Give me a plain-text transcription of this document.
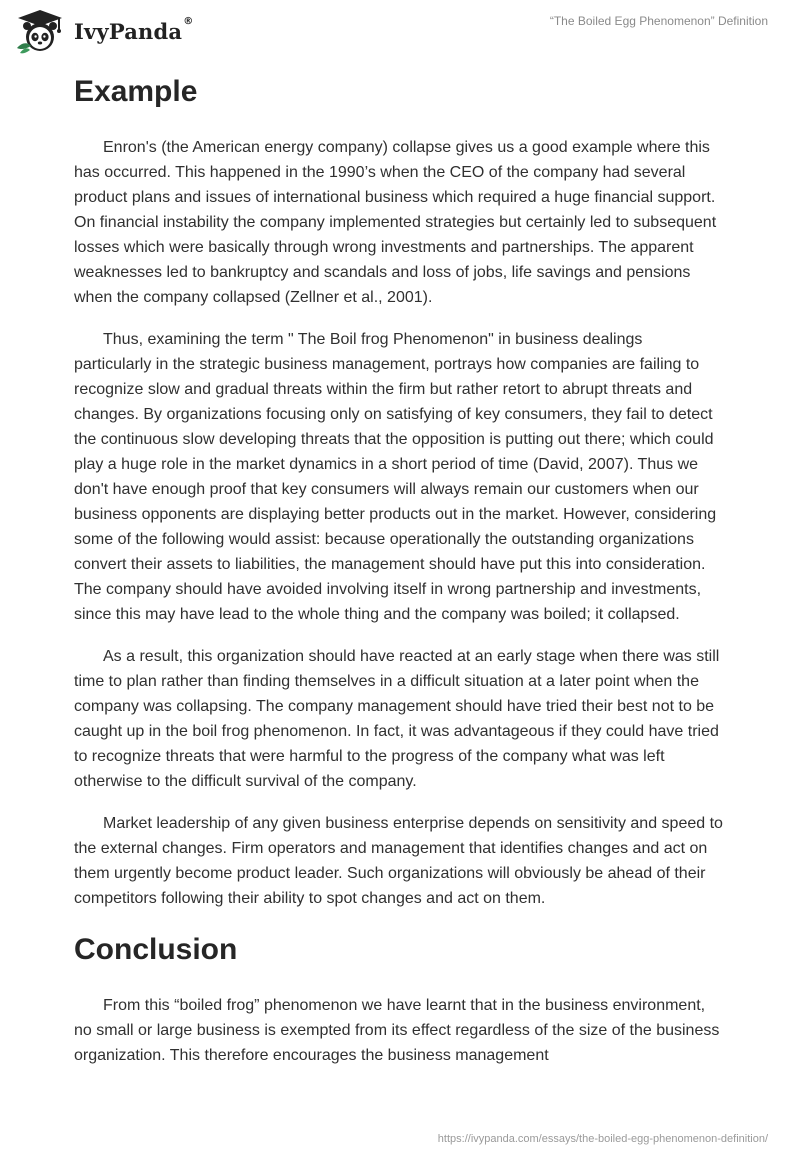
IvyPanda ®	“The Boiled Egg Phenomenon” Definition
Example

Enron's (the American energy company) collapse gives us a good example where this has occurred. This happened in the 1990’s when the CEO of the company had several product plans and issues of international business which required a huge financial support. On financial instability the company implemented strategies but certainly led to subsequent losses which were basically through wrong investments and partnerships. The apparent weaknesses led to bankruptcy and scandals and loss of jobs, life savings and pensions when the company collapsed (Zellner et al., 2001).

Thus, examining the term " The Boil frog Phenomenon" in business dealings particularly in the strategic business management, portrays how companies are failing to recognize slow and gradual threats within the firm but rather retort to abrupt threats and changes. By organizations focusing only on satisfying of key consumers, they fail to detect the continuous slow developing threats that the opposition is putting out there; which could play a huge role in the market dynamics in a short period of time (David, 2007). Thus we don't have enough proof that key consumers will always remain our customers when our business opponents are displaying better products out in the market. However, considering some of the following would assist: because operationally the outstanding organizations convert their assets to liabilities, the management should have put this into consideration. The company should have avoided involving itself in wrong partnership and investments, since this may have lead to the whole thing and the company was boiled; it collapsed.

As a result, this organization should have reacted at an early stage when there was still time to plan rather than finding themselves in a difficult situation at a later point when the company was collapsing. The company management should have tried their best not to be caught up in the boil frog phenomenon. In fact, it was advantageous if they could have tried to recognize threats that were harmful to the progress of the company what was left otherwise to the difficult survival of the company.

Market leadership of any given business enterprise depends on sensitivity and speed to the external changes. Firm operators and management that identifies changes and act on them urgently become product leader. Such organizations will obviously be ahead of their competitors following their ability to spot changes and act on them.

Conclusion

From this “boiled frog” phenomenon we have learnt that in the business environment, no small or large business is exempted from its effect regardless of the size of the business organization. This therefore encourages the business management

https://ivypanda.com/essays/the-boiled-egg-phenomenon-definition/
